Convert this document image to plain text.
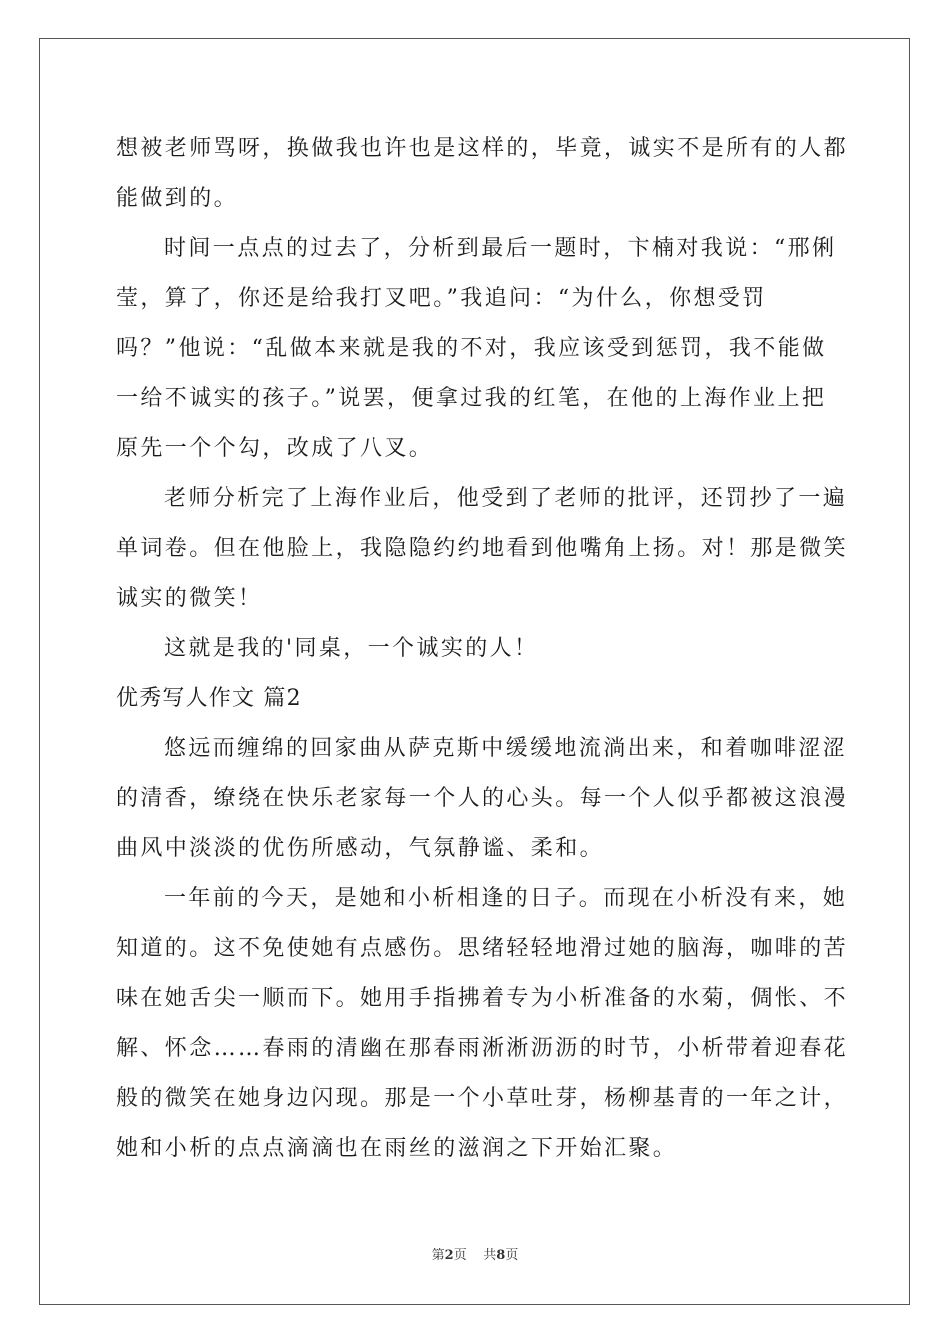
想被老师骂呀，换做我也许也是这样的，毕竟，诚实不是所有的人都
能做到的。
时间一点点的过去了，分析到最后一题时，卞楠对我说：“邢俐
莹，算了，你还是给我打叉吧。”我追问：“为什么，你想受罚
吗？”他说：“乱做本来就是我的不对，我应该受到惩罚，我不能做
一给不诚实的孩子。”说罢，便拿过我的红笔，在他的上海作业上把
原先一个个勾，改成了八叉。
老师分析完了上海作业后，他受到了老师的批评，还罚抄了一遍
单词卷。但在他脸上，我隐隐约约地看到他嘴角上扬。对！那是微笑
诚实的微笑！
这就是我的'同桌，一个诚实的人！
优秀写人作文 篇2
悠远而缠绵的回家曲从萨克斯中缓缓地流淌出来，和着咖啡涩涩
的清香，缭绕在快乐老家每一个人的心头。每一个人似乎都被这浪漫
曲风中淡淡的优伤所感动，气氛静谧、柔和。
一年前的今天，是她和小析相逢的日子。而现在小析没有来，她
知道的。这不免使她有点感伤。思绪轻轻地滑过她的脑海，咖啡的苦
味在她舌尖一顺而下。她用手指拂着专为小析准备的水菊，倜怅、不
解、怀念……春雨的清幽在那春雨淅淅沥沥的时节，小析带着迎春花
般的微笑在她身边闪现。那是一个小草吐芽，杨柳基青的一年之计，
她和小析的点点滴滴也在雨丝的滋润之下开始汇聚。
第2页 共8页
